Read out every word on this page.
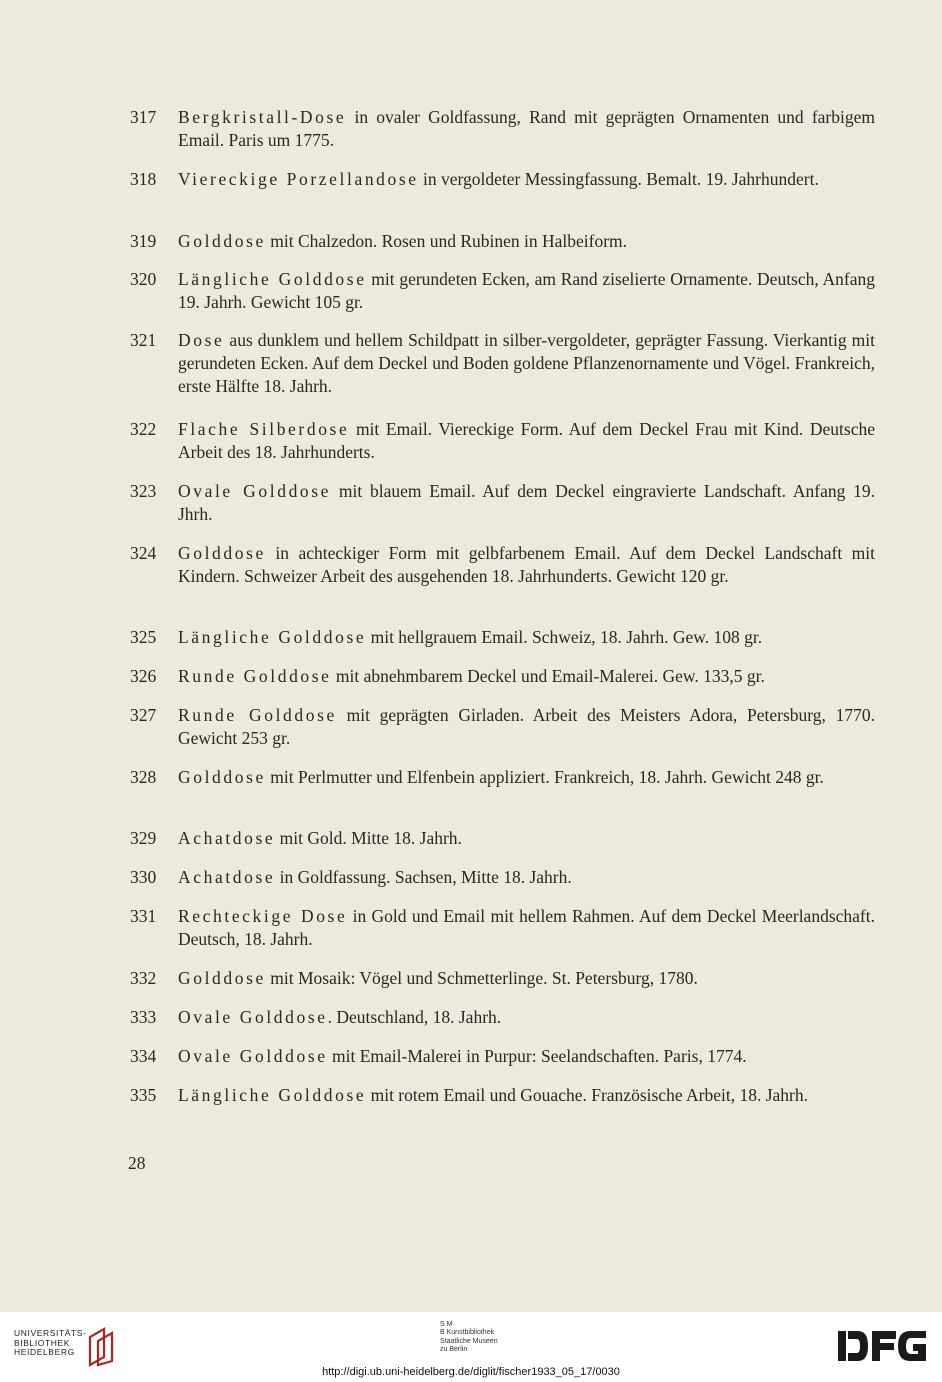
317	Bergkristall-Dose in ovaler Goldfassung, Rand mit geprägten Ornamenten und farbigem Email. Paris um 1775.
318	Viereckige Porzellandose in vergoldeter Messingfassung. Bemalt. 19. Jahrhundert.
319	Golddose mit Chalzedon. Rosen und Rubinen in Halbeiform.
320	Längliche Golddose mit gerundeten Ecken, am Rand ziselierte Ornamente. Deutsch, Anfang 19. Jahrh. Gewicht 105 gr.
321	Dose aus dunklem und hellem Schildpatt in silber-vergoldeter, geprägter Fassung. Vierkantig mit gerundeten Ecken. Auf dem Deckel und Boden goldene Pflanzenornamente und Vögel. Frankreich, erste Hälfte 18. Jahrh.
322	Flache Silberdose mit Email. Viereckige Form. Auf dem Deckel Frau mit Kind. Deutsche Arbeit des 18. Jahrhunderts.
323	Ovale Golddose mit blauem Email. Auf dem Deckel eingravierte Landschaft. Anfang 19. Jhrh.
324	Golddose in achteckiger Form mit gelbfarbenem Email. Auf dem Deckel Landschaft mit Kindern. Schweizer Arbeit des ausgehenden 18. Jahrhunderts. Gewicht 120 gr.
325	Längliche Golddose mit hellgrauem Email. Schweiz, 18. Jahrh. Gew. 108 gr.
326	Runde Golddose mit abnehmbarem Deckel und Email-Malerei. Gew. 133,5 gr.
327	Runde Golddose mit geprägten Girladen. Arbeit des Meisters Adora, Petersburg, 1770. Gewicht 253 gr.
328	Golddose mit Perlmutter und Elfenbein appliziert. Frankreich, 18. Jahrh. Gewicht 248 gr.
329	Achatdose mit Gold. Mitte 18. Jahrh.
330	Achatdose in Goldfassung. Sachsen, Mitte 18. Jahrh.
331	Rechteckige Dose in Gold und Email mit hellem Rahmen. Auf dem Deckel Meerlandschaft. Deutsch, 18. Jahrh.
332	Golddose mit Mosaik: Vögel und Schmetterlinge. St. Petersburg, 1780.
333	Ovale Golddose. Deutschland, 18. Jahrh.
334	Ovale Golddose mit Email-Malerei in Purpur: Seelandschaften. Paris, 1774.
335	Längliche Golddose mit rotem Email und Gouache. Französische Arbeit, 18. Jahrh.
28
UNIVERSITÄTS-
BIBLIOTHEK
HEIDELBERG
S M
B Kunstbibliothek
Staatliche Museen
zu Berlin
http://digi.ub.uni-heidelberg.de/diglit/fischer1933_05_17/0030
